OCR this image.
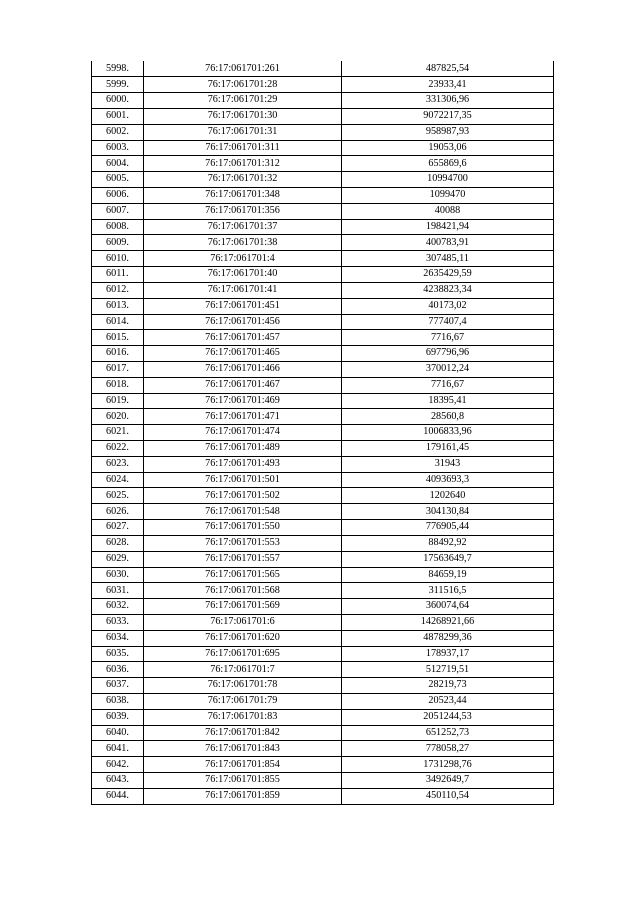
5998.	76:17:061701:261	487825,54
5999.	76:17:061701:28	23933,41
6000.	76:17:061701:29	331306,96
6001.	76:17:061701:30	9072217,35
6002.	76:17:061701:31	958987,93
6003.	76:17:061701:311	19053,06
6004.	76:17:061701:312	655869,6
6005.	76:17:061701:32	10994700
6006.	76:17:061701:348	1099470
6007.	76:17:061701:356	40088
6008.	76:17:061701:37	198421,94
6009.	76:17:061701:38	400783,91
6010.	76:17:061701:4	307485,11
6011.	76:17:061701:40	2635429,59
6012.	76:17:061701:41	4238823,34
6013.	76:17:061701:451	40173,02
6014.	76:17:061701:456	777407,4
6015.	76:17:061701:457	7716,67
6016.	76:17:061701:465	697796,96
6017.	76:17:061701:466	370012,24
6018.	76:17:061701:467	7716,67
6019.	76:17:061701:469	18395,41
6020.	76:17:061701:471	28560,8
6021.	76:17:061701:474	1006833,96
6022.	76:17:061701:489	179161,45
6023.	76:17:061701:493	31943
6024.	76:17:061701:501	4093693,3
6025.	76:17:061701:502	1202640
6026.	76:17:061701:548	304130,84
6027.	76:17:061701:550	776905,44
6028.	76:17:061701:553	88492,92
6029.	76:17:061701:557	17563649,7
6030.	76:17:061701:565	84659,19
6031.	76:17:061701:568	311516,5
6032.	76:17:061701:569	360074,64
6033.	76:17:061701:6	14268921,66
6034.	76:17:061701:620	4878299,36
6035.	76:17:061701:695	178937,17
6036.	76:17:061701:7	512719,51
6037.	76:17:061701:78	28219,73
6038.	76:17:061701:79	20523,44
6039.	76:17:061701:83	2051244,53
6040.	76:17:061701:842	651252,73
6041.	76:17:061701:843	778058,27
6042.	76:17:061701:854	1731298,76
6043.	76:17:061701:855	3492649,7
6044.	76:17:061701:859	450110,54
